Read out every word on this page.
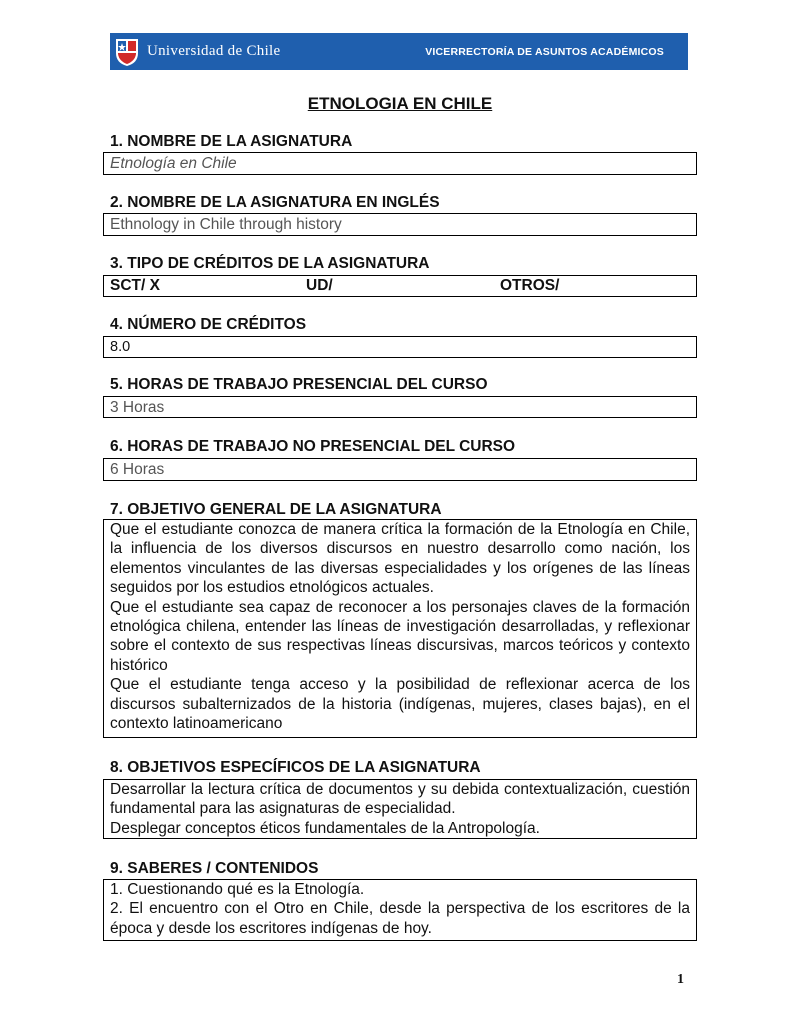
Universidad de Chile	VICERRECTORÍA DE ASUNTOS ACADÉMICOS
ETNOLOGIA EN CHILE
1. NOMBRE DE LA ASIGNATURA
Etnología en Chile
2. NOMBRE DE LA ASIGNATURA EN INGLÉS
Ethnology in Chile through history
3. TIPO DE CRÉDITOS DE LA ASIGNATURA
SCT/ X	UD/	OTROS/
4. NÚMERO DE CRÉDITOS
8.0
5. HORAS DE TRABAJO PRESENCIAL DEL CURSO
3 Horas
6. HORAS DE TRABAJO NO PRESENCIAL DEL CURSO
6 Horas
7. OBJETIVO GENERAL DE LA ASIGNATURA

Que el estudiante conozca de manera crítica la formación de la Etnología en Chile, la influencia de los diversos discursos en nuestro desarrollo como nación, los elementos vinculantes de las diversas especialidades y los orígenes de las líneas seguidos por los estudios etnológicos actuales.

Que el estudiante sea capaz de reconocer a los personajes claves de la formación etnológica chilena, entender las líneas de investigación desarrolladas, y reflexionar sobre el contexto de sus respectivas líneas discursivas, marcos teóricos y contexto histórico

Que el estudiante tenga acceso y la posibilidad de reflexionar acerca de los discursos subalternizados de la historia (indígenas, mujeres, clases bajas), en el contexto latinoamericano

8. OBJETIVOS ESPECÍFICOS DE LA ASIGNATURA

Desarrollar la lectura crítica de documentos y su debida contextualización, cuestión fundamental para las asignaturas de especialidad.

Desplegar conceptos éticos fundamentales de la Antropología.

9. SABERES / CONTENIDOS

1. Cuestionando qué es la Etnología.

2. El encuentro con el Otro en Chile, desde la perspectiva de los escritores de la época y desde los escritores indígenas de hoy.

1
